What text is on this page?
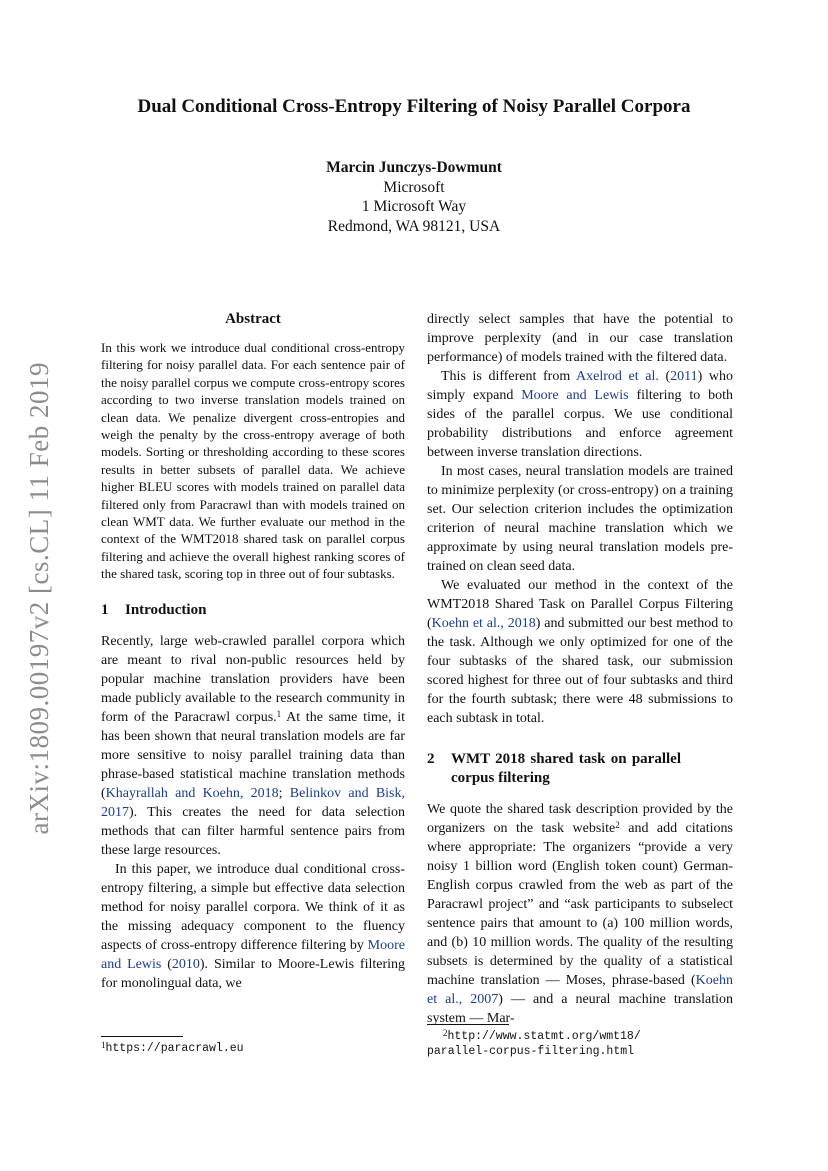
arXiv:1809.00197v2 [cs.CL] 11 Feb 2019
Dual Conditional Cross-Entropy Filtering of Noisy Parallel Corpora
Marcin Junczys-Dowmunt
Microsoft
1 Microsoft Way
Redmond, WA 98121, USA
Abstract

In this work we introduce dual conditional cross-entropy filtering for noisy parallel data. For each sentence pair of the noisy parallel corpus we compute cross-entropy scores according to two inverse translation models trained on clean data. We penalize divergent cross-entropies and weigh the penalty by the cross-entropy average of both models. Sorting or thresholding according to these scores results in better subsets of parallel data. We achieve higher BLEU scores with models trained on parallel data filtered only from Paracrawl than with models trained on clean WMT data. We further evaluate our method in the context of the WMT2018 shared task on parallel corpus filtering and achieve the overall highest ranking scores of the shared task, scoring top in three out of four subtasks.

1	Introduction

Recently, large web-crawled parallel corpora which are meant to rival non-public resources held by popular machine translation providers have been made publicly available to the research community in form of the Paracrawl corpus.$^1$ At the same time, it has been shown that neural translation models are far more sensitive to noisy parallel training data than phrase-based statistical machine translation methods (Khayrallah and Koehn, 2018; Belinkov and Bisk, 2017). This creates the need for data selection methods that can filter harmful sentence pairs from these large resources.

In this paper, we introduce dual conditional cross-entropy filtering, a simple but effective data selection method for noisy parallel corpora. We think of it as the missing adequacy component to the fluency aspects of cross-entropy difference filtering by Moore and Lewis (2010). Similar to Moore-Lewis filtering for monolingual data, we

$^1$https://paracrawl.eu

directly select samples that have the potential to improve perplexity (and in our case translation performance) of models trained with the filtered data.

This is different from Axelrod et al. (2011) who simply expand Moore and Lewis filtering to both sides of the parallel corpus. We use conditional probability distributions and enforce agreement between inverse translation directions.

In most cases, neural translation models are trained to minimize perplexity (or cross-entropy) on a training set. Our selection criterion includes the optimization criterion of neural machine translation which we approximate by using neural translation models pre-trained on clean seed data.

We evaluated our method in the context of the WMT2018 Shared Task on Parallel Corpus Filtering (Koehn et al., 2018) and submitted our best method to the task. Although we only optimized for one of the four subtasks of the shared task, our submission scored highest for three out of four subtasks and third for the fourth subtask; there were 48 submissions to each subtask in total.

2	WMT 2018 shared task on parallel corpus filtering

We quote the shared task description provided by the organizers on the task website$^2$ and add citations where appropriate: The organizers “provide a very noisy 1 billion word (English token count) German-English corpus crawled from the web as part of the Paracrawl project” and “ask participants to subselect sentence pairs that amount to (a) 100 million words, and (b) 10 million words. The quality of the resulting subsets is determined by the quality of a statistical machine translation — Moses, phrase-based (Koehn et al., 2007) — and a neural machine translation system — Mar-

$^2$http://www.statmt.org/wmt18/
parallel-corpus-filtering.html
